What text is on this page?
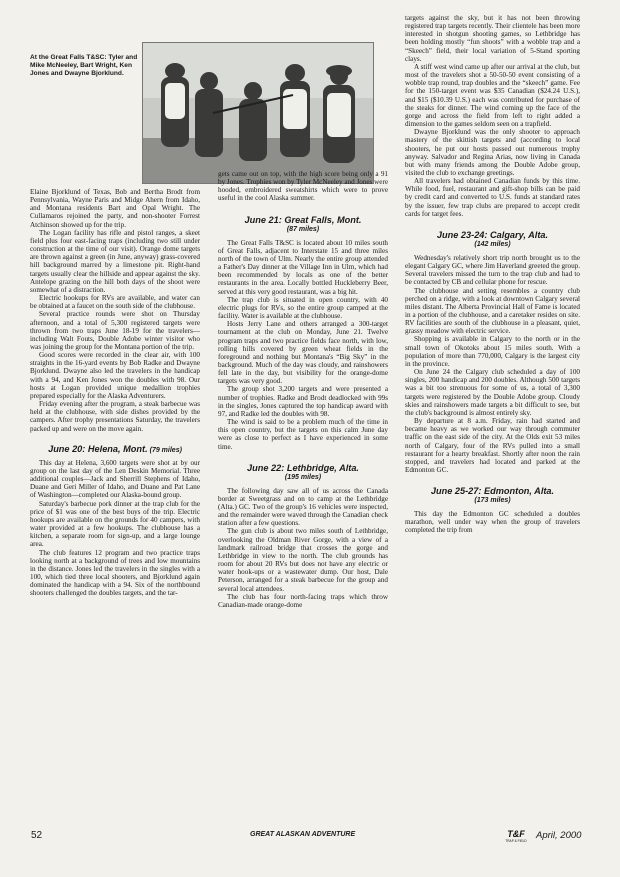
At the Great Falls T&SC: Tyler and Mike McNeeley, Bart Wright, Ken Jones and Dwayne Bjorklund.

Elaine Bjorklund of Texas, Bob and Bertha Brodt from Pennsylvania, Wayne Paris and Midge Ahern from Idaho, and Montana residents Bart and Opal Wright. The Cullamaros rejoined the party, and non-shooter Forrest Atchinson showed up for the trip.

The Logan facility has rifle and pistol ranges, a skeet field plus four east-facing traps (including two still under construction at the time of our visit). Orange dome targets are thrown against a green (in June, anyway) grass-covered hill background marred by a limestone pit. Right-hand targets usually clear the hillside and appear against the sky. Antelope grazing on the hill both days of the shoot were somewhat of a distraction.

Electric hookups for RVs are available, and water can be obtained at a faucet on the south side of the clubhouse.

Several practice rounds were shot on Thursday afternoon, and a total of 5,300 registered targets were thrown from two traps June 18-19 for the travelers—including Walt Fouts, Double Adobe winter visitor who was joining the group for the Montana portion of the trip.

Good scores were recorded in the clear air, with 100 straights in the 16-yard events by Bob Radke and Dwayne Bjorklund. Dwayne also led the travelers in the handicap with a 94, and Ken Jones won the doubles with 98. Our hosts at Logan provided unique medallion trophies prepared especially for the Alaska Adventurers.

Friday evening after the program, a steak barbecue was held at the clubhouse, with side dishes provided by the campers. After trophy presentations Saturday, the travelers packed up and were on the move again.

June 20: Helena, Mont. (79 miles)

This day at Helena, 3,600 targets were shot at by our group on the last day of the Len Deskin Memorial. Three additional couples—Jack and Sherrill Stephens of Idaho, Duane and Geri Miller of Idaho, and Duane and Pat Lane of Washington—completed our Alaska-bound group.

Saturday's barbecue pork dinner at the trap club for the price of $1 was one of the best buys of the trip. Electric hookups are available on the grounds for 40 campers, with water provided at a few hookups. The clubhouse has a kitchen, a separate room for sign-up, and a large lounge area.

The club features 12 program and two practice traps looking north at a background of trees and low mountains in the distance. Jones led the travelers in the singles with a 100, which tied three local shooters, and Bjorklund again dominated the handicap with a 94. Six of the northbound shooters challenged the doubles targets, and the tar-

gets came out on top, with the high score being only a 91 by Jones. Trophies won by Tyler McNeeley and Jones were hooded, embroidered sweatshirts which were to prove useful in the cool Alaska summer.

June 21: Great Falls, Mont.
(87 miles)

The Great Falls T&SC is located about 10 miles south of Great Falls, adjacent to Interstate 15 and three miles north of the town of Ulm. Nearly the entire group attended a Father's Day dinner at the Village Inn in Ulm, which had been recommended by locals as one of the better restaurants in the area. Locally bottled Huckleberry Beer, served at this very good restaurant, was a big hit.

The trap club is situated in open country, with 40 electric plugs for RVs, so the entire group camped at the facility. Water is available at the clubhouse.

Hosts Jerry Lane and others arranged a 300-target tournament at the club on Monday, June 21. Twelve program traps and two practice fields face north, with low, rolling hills covered by green wheat fields in the foreground and nothing but Montana's “Big Sky” in the background. Much of the day was cloudy, and rainshowers fell late in the day, but visibility for the orange-dome targets was very good.

The group shot 3,200 targets and were presented a number of trophies. Radke and Brodt deadlocked with 99s in the singles, Jones captured the top handicap award with 97, and Radke led the doubles with 98.

The wind is said to be a problem much of the time in this open country, but the targets on this calm June day were as close to perfect as I have experienced in some time.

June 22: Lethbridge, Alta.
(195 miles)

The following day saw all of us across the Canada border at Sweetgrass and on to camp at the Lethbridge (Alta.) GC. Two of the group's 16 vehicles were inspected, and the remainder were waved through the Canadian check station after a few questions.

The gun club is about two miles south of Lethbridge, overlooking the Oldman River Gorge, with a view of a landmark railroad bridge that crosses the gorge and Lethbridge in view to the north. The club grounds has room for about 20 RVs but does not have any electric or water hook-ups or a wastewater dump. Our host, Dale Peterson, arranged for a steak barbecue for the group and several local attendees.

The club has four north-facing traps which throw Canadian-made orange-dome

targets against the sky, but it has not been throwing registered trap targets recently. Their clientele has been more interested in shotgun shooting games, so Lethbridge has been holding mostly “fun shoots” with a wobble trap and a “Skeech” field, their local variation of 5-Stand sporting clays.

A stiff west wind came up after our arrival at the club, but most of the travelers shot a 50-50-50 event consisting of a wobble trap round, trap doubles and the “skeech” game. Fee for the 150-target event was $35 Canadian ($24.24 U.S.), and $15 ($10.39 U.S.) each was contributed for purchase of the steaks for dinner. The wind coming up the face of the gorge and across the field from left to right added a dimension to the games seldom seen on a trapfield.

Dwayne Bjorklund was the only shooter to approach mastery of the skittish targets and (according to local shooters, he put our hosts passed out numerous trophy anyway. Salvador and Regina Arias, now living in Canada but with many friends among the Double Adobe group, visited the club to exchange greetings.

All travelers had obtained Canadian funds by this time. While food, fuel, restaurant and gift-shop bills can be paid by credit card and converted to U.S. funds at standard rates by the issuer, few trap clubs are prepared to accept credit cards for target fees.

June 23-24: Calgary, Alta.
(142 miles)

Wednesday's relatively short trip north brought us to the elegant Calgary GC, where Jim Haverland greeted the group. Several travelers missed the turn to the trap club and had to be contacted by CB and cellular phone for rescue.

The clubhouse and setting resembles a country club perched on a ridge, with a look at downtown Calgary several miles distant. The Alberta Provincial Hall of Fame is located in a portion of the clubhouse, and a caretaker resides on site. RV facilities are south of the clubhouse in a pleasant, quiet, grassy meadow with electric service.

Shopping is available in Calgary to the north or in the small town of Okotoks about 15 miles south. With a population of more than 770,000, Calgary is the largest city in the province.

On June 24 the Calgary club scheduled a day of 100 singles, 200 handicap and 200 doubles. Although 500 targets was a bit too strenuous for some of us, a total of 3,300 targets were registered by the Double Adobe group. Cloudy skies and rainshowers made targets a bit difficult to see, but the club's background is almost entirely sky.

By departure at 8 a.m. Friday, rain had started and became heavy as we worked our way through commuter traffic on the east side of the city. At the Olds exit 53 miles north of Calgary, four of the RVs pulled into a small restaurant for a hearty breakfast. Shortly after noon the rain stopped, and travelers had located and parked at the Edmonton GC.

June 25-27: Edmonton, Alta.
(173 miles)

This day the Edmonton GC scheduled a doubles marathon, well under way when the group of travelers completed the trip from

52	GREAT ALASKAN ADVENTURE	T&F
TRAP & FIELD April, 2000
